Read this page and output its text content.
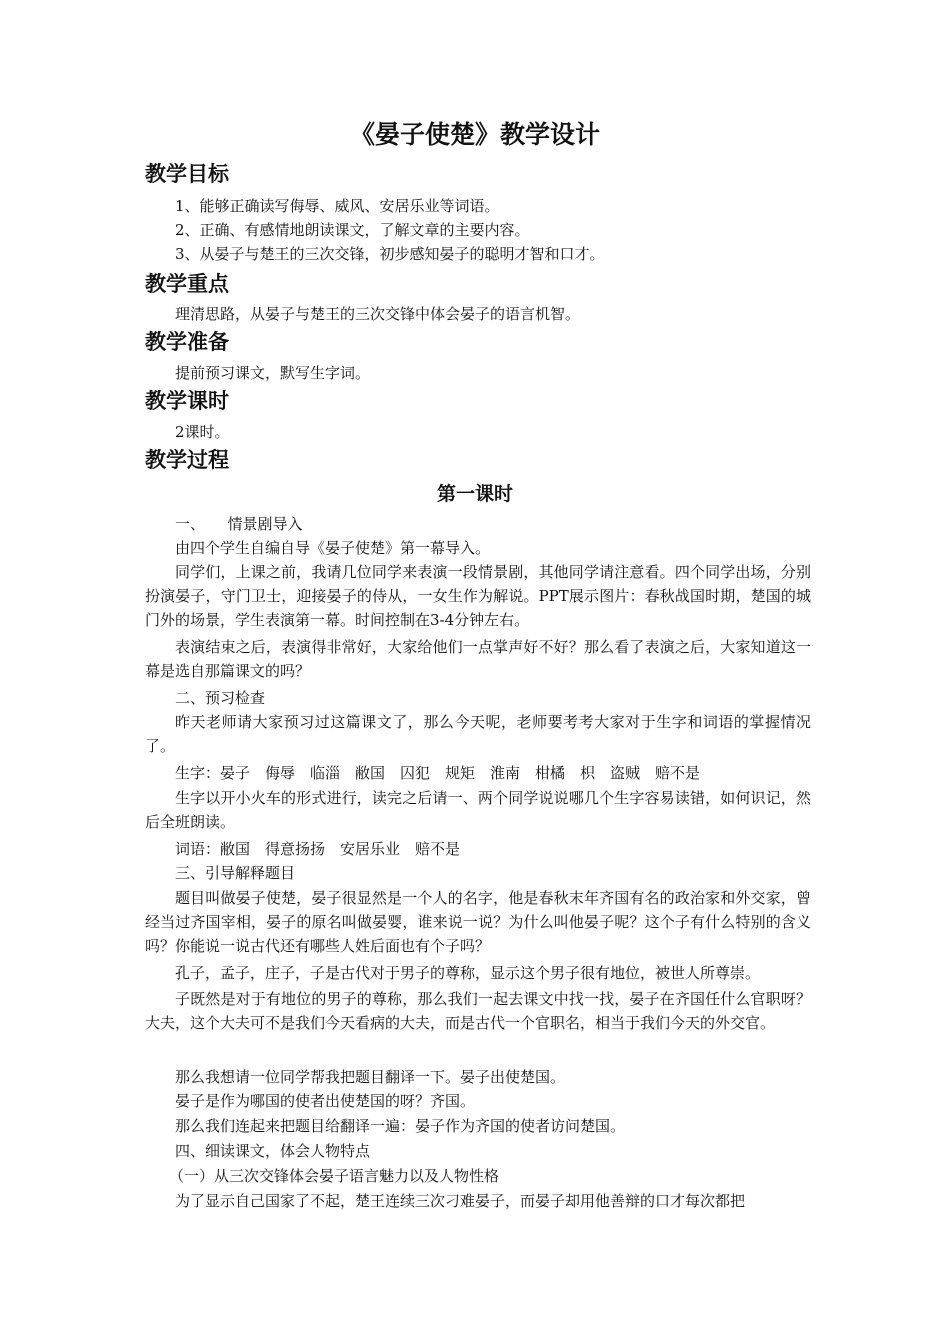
《晏子使楚》教学设计
教学目标
1、能够正确读写侮辱、威风、安居乐业等词语。
2、正确、有感情地朗读课文，了解文章的主要内容。
3、从晏子与楚王的三次交锋，初步感知晏子的聪明才智和口才。
教学重点
理清思路，从晏子与楚王的三次交锋中体会晏子的语言机智。
教学准备
提前预习课文，默写生字词。
教学课时
2课时。
教学过程
第一课时
一、　　情景剧导入
由四个学生自编自导《晏子使楚》第一幕导入。
同学们，上课之前，我请几位同学来表演一段情景剧，其他同学请注意看。四个同学出场，分别扮演晏子，守门卫士，迎接晏子的侍从，一女生作为解说。PPT展示图片：春秋战国时期，楚国的城门外的场景，学生表演第一幕。时间控制在3-4分钟左右。
表演结束之后，表演得非常好，大家给他们一点掌声好不好？那么看了表演之后，大家知道这一幕是选自那篇课文的吗？
二、预习检查
昨天老师请大家预习过这篇课文了，那么今天呢，老师要考考大家对于生字和词语的掌握情况了。
生字：晏子　侮辱　临淄　敝国　囚犯　规矩　淮南　柑橘　枳　盗贼　赔不是
生字以开小火车的形式进行，读完之后请一、两个同学说说哪几个生字容易读错，如何识记，然后全班朗读。
词语：敝国　得意扬扬　安居乐业　赔不是
三、引导解释题目
题目叫做晏子使楚，晏子很显然是一个人的名字，他是春秋末年齐国有名的政治家和外交家，曾经当过齐国宰相，晏子的原名叫做晏婴，谁来说一说？为什么叫他晏子呢？这个子有什么特别的含义吗？你能说一说古代还有哪些人姓后面也有个子吗？
孔子，孟子，庄子，子是古代对于男子的尊称，显示这个男子很有地位，被世人所尊崇。
子既然是对于有地位的男子的尊称，那么我们一起去课文中找一找，晏子在齐国任什么官职呀？大夫，这个大夫可不是我们今天看病的大夫，而是古代一个官职名，相当于我们今天的外交官。
那么我想请一位同学帮我把题目翻译一下。晏子出使楚国。
晏子是作为哪国的使者出使楚国的呀？齐国。
那么我们连起来把题目给翻译一遍：晏子作为齐国的使者访问楚国。
四、细读课文，体会人物特点
（一）从三次交锋体会晏子语言魅力以及人物性格
为了显示自己国家了不起，楚王连续三次刁难晏子，而晏子却用他善辩的口才每次都把
